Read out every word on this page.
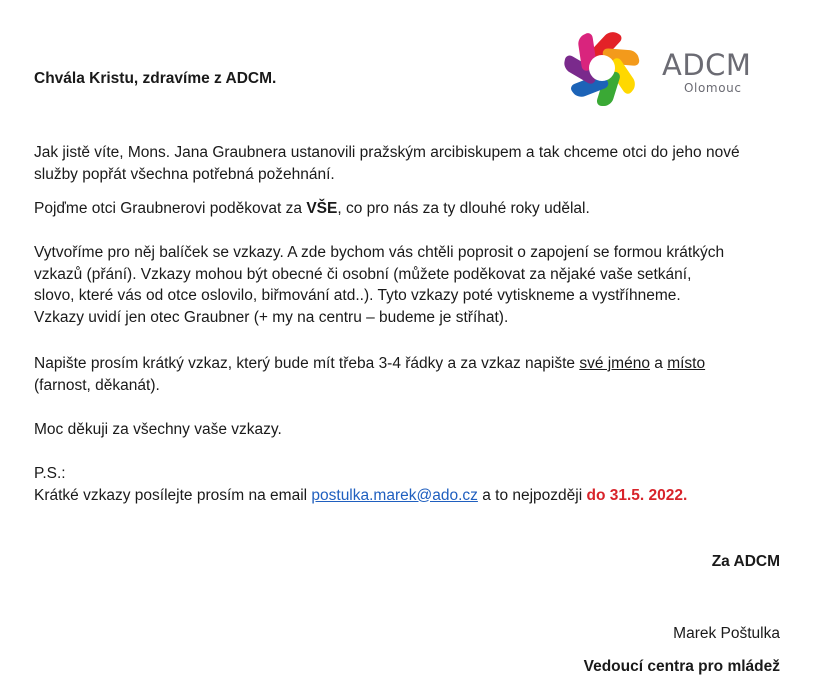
ADCM
Olomouc

Chvála Kristu, zdravíme z ADCM.

Jak jistě víte, Mons. Jana Graubnera ustanovili pražským arcibiskupem a tak chceme otci do jeho nové služby popřát všechna potřebná požehnání.

Pojďme otci Graubnerovi poděkovat za VŠE, co pro nás za ty dlouhé roky udělal.

Vytvoříme pro něj balíček se vzkazy. A zde bychom vás chtěli poprosit o zapojení se formou krátkých
vzkazů (přání). Vzkazy mohou být obecné či osobní (můžete poděkovat za nějaké vaše setkání,
slovo, které vás od otce oslovilo, biřmování atd..). Tyto vzkazy poté vytiskneme a vystříhneme.
Vzkazy uvidí jen otec Graubner (+ my na centru – budeme je stříhat).

Napište prosím krátký vzkaz, který bude mít třeba 3-4 řádky a za vzkaz napište své jméno a místo
(farnost, děkanát).

Moc děkuji za všechny vaše vzkazy.

P.S.:
Krátké vzkazy posílejte prosím na email postulka.marek@ado.cz a to nejpozději do 31.5. 2022.

Za ADCM

Marek Poštulka

Vedoucí centra pro mládež
